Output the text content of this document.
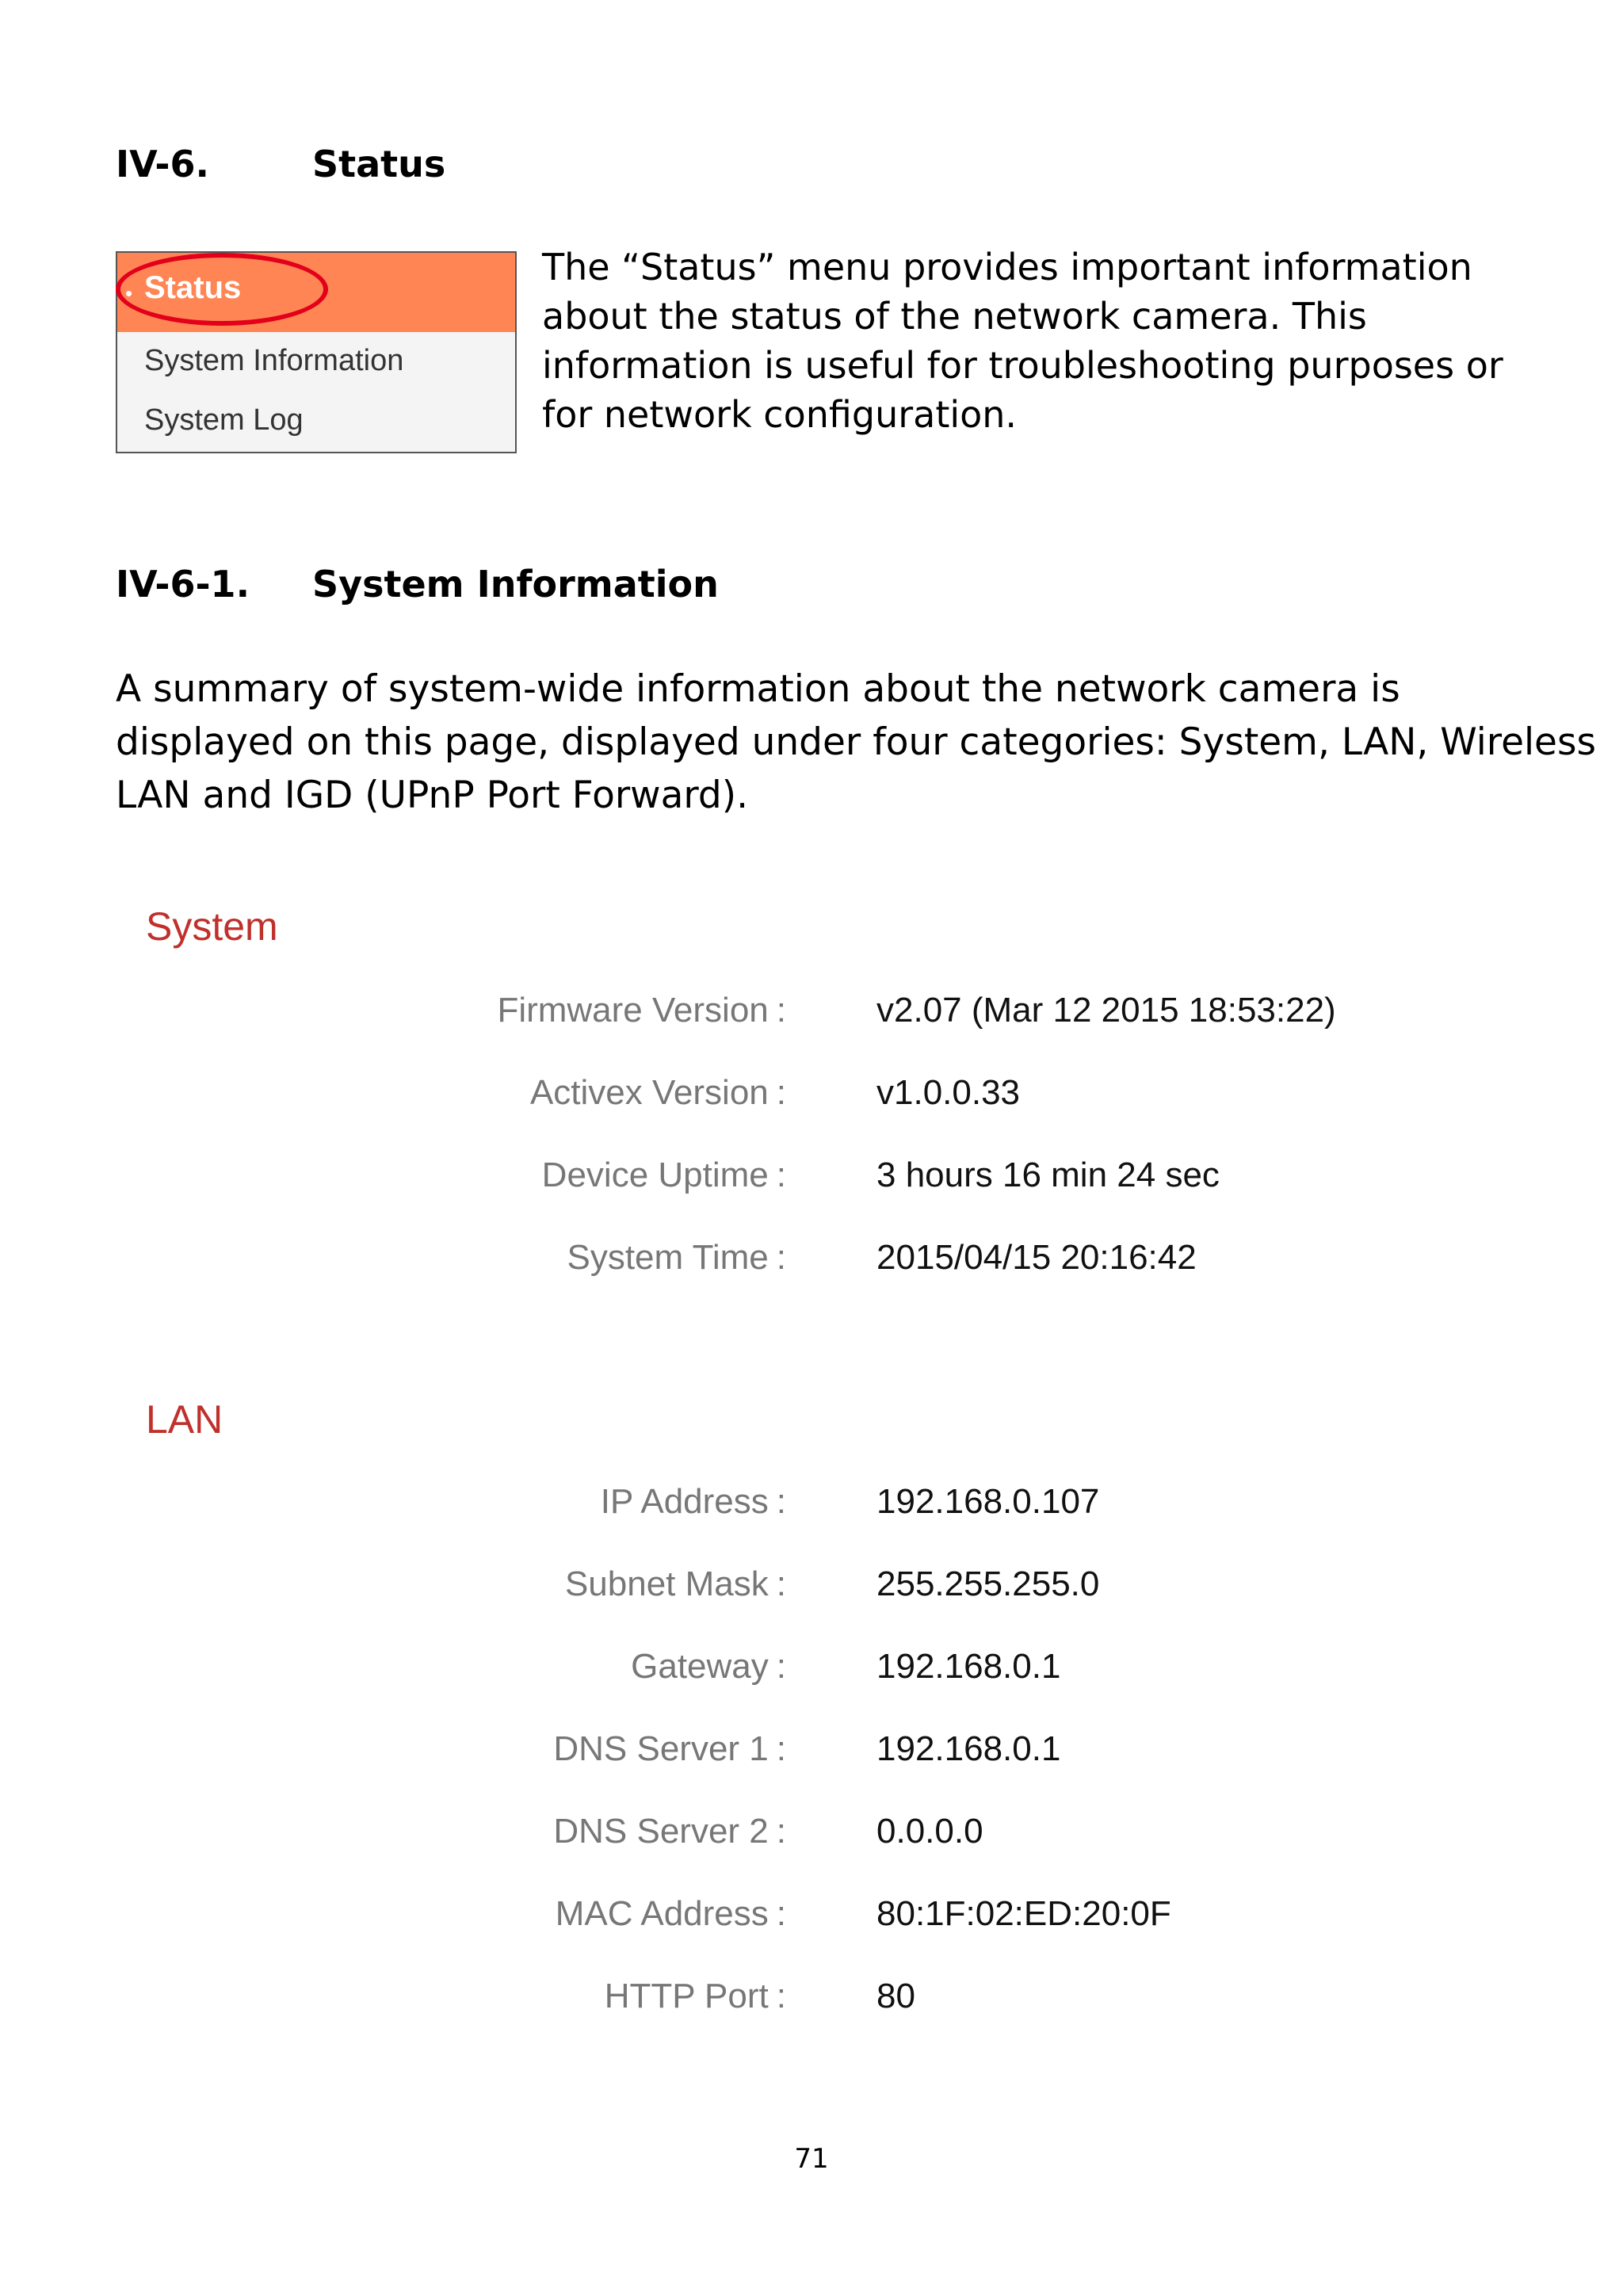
IV-6.	Status
• Status
System Information
System Log
The “Status” menu provides important information
about the status of the network camera. This
information is useful for troubleshooting purposes or
for network configuration.
IV-6-1. System Information
A summary of system-wide information about the network camera is
displayed on this page, displayed under four categories: System, LAN, Wireless
LAN and IGD (UPnP Port Forward).
System
Firmware Version :	v2.07 (Mar 12 2015 18:53:22)
Activex Version :	v1.0.0.33
Device Uptime :	3 hours 16 min 24 sec
System Time :	2015/04/15 20:16:42
LAN
IP Address :	192.168.0.107
Subnet Mask :	255.255.255.0
Gateway :	192.168.0.1
DNS Server 1 :	192.168.0.1
DNS Server 2 :	0.0.0.0
MAC Address :	80:1F:02:ED:20:0F
HTTP Port :	80
71
